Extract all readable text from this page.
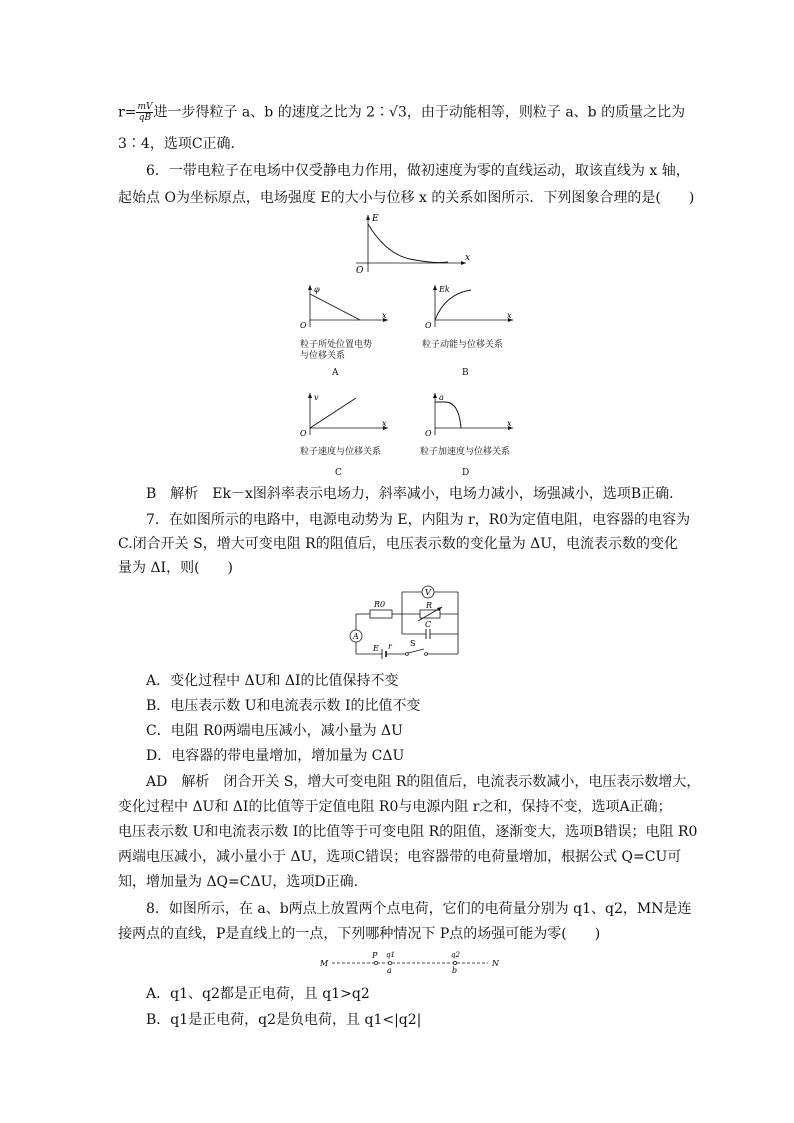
$r= \frac{mV}{qB}$ 进一步得粒子 a、b 的速度之比为 2∶√3，由于动能相等，则粒子 a、b 的质量之比为
3∶4，选项C正确．
6．一带电粒子在电场中仅受静电力作用，做初速度为零的直线运动，取该直线为 x 轴，
起始点 O为坐标原点，电场强度 E的大小与位移 x 的关系如图所示．下列图象合理的是(　　)
E
x
O
φ
x
O
粒子所处位置电势
与位移关系
A
Ek
x
O
粒子动能与位移关系
B
v
x
O
粒子速度与位移关系
C
a
x
O
粒子加速度与位移关系
D
B　解析　Ek－x图斜率表示电场力，斜率减小，电场力减小，场强减小，选项B正确．
7．在如图所示的电路中，电源电动势为 E，内阻为 r，R0为定值电阻，电容器的电容为
C.闭合开关 S，增大可变电阻 R的阻值后，电压表示数的变化量为 ΔU，电流表示数的变化
量为 ΔI，则(　　)
V
A
R0	R
C
E r S
A．变化过程中 ΔU和 ΔI的比值保持不变
B．电压表示数 U和电流表示数 I的比值不变
C．电阻 R0两端电压减小，减小量为 ΔU
D．电容器的带电量增加，增加量为 CΔU
AD　解析　闭合开关 S，增大可变电阻 R的阻值后，电流表示数减小，电压表示数增大，
变化过程中 ΔU和 ΔI的比值等于定值电阻 R0与电源内阻 r之和，保持不变，选项A正确；
电压表示数 U和电流表示数 I的比值等于可变电阻 R的阻值，逐渐变大，选项B错误；电阻 R0
两端电压减小，减小量小于 ΔU，选项C错误；电容器带的电荷量增加，根据公式 Q=CU可
知，增加量为 ΔQ=CΔU，选项D正确．
8．如图所示，在 a、b两点上放置两个点电荷，它们的电荷量分别为 q1、q2，MN是连
接两点的直线，P是直线上的一点，下列哪种情况下 P点的场强可能为零(　　)
M
P q1
a
q2
b
N
A．q1、q2都是正电荷，且 q1>q2
B．q1是正电荷，q2是负电荷，且 q1<|q2|
